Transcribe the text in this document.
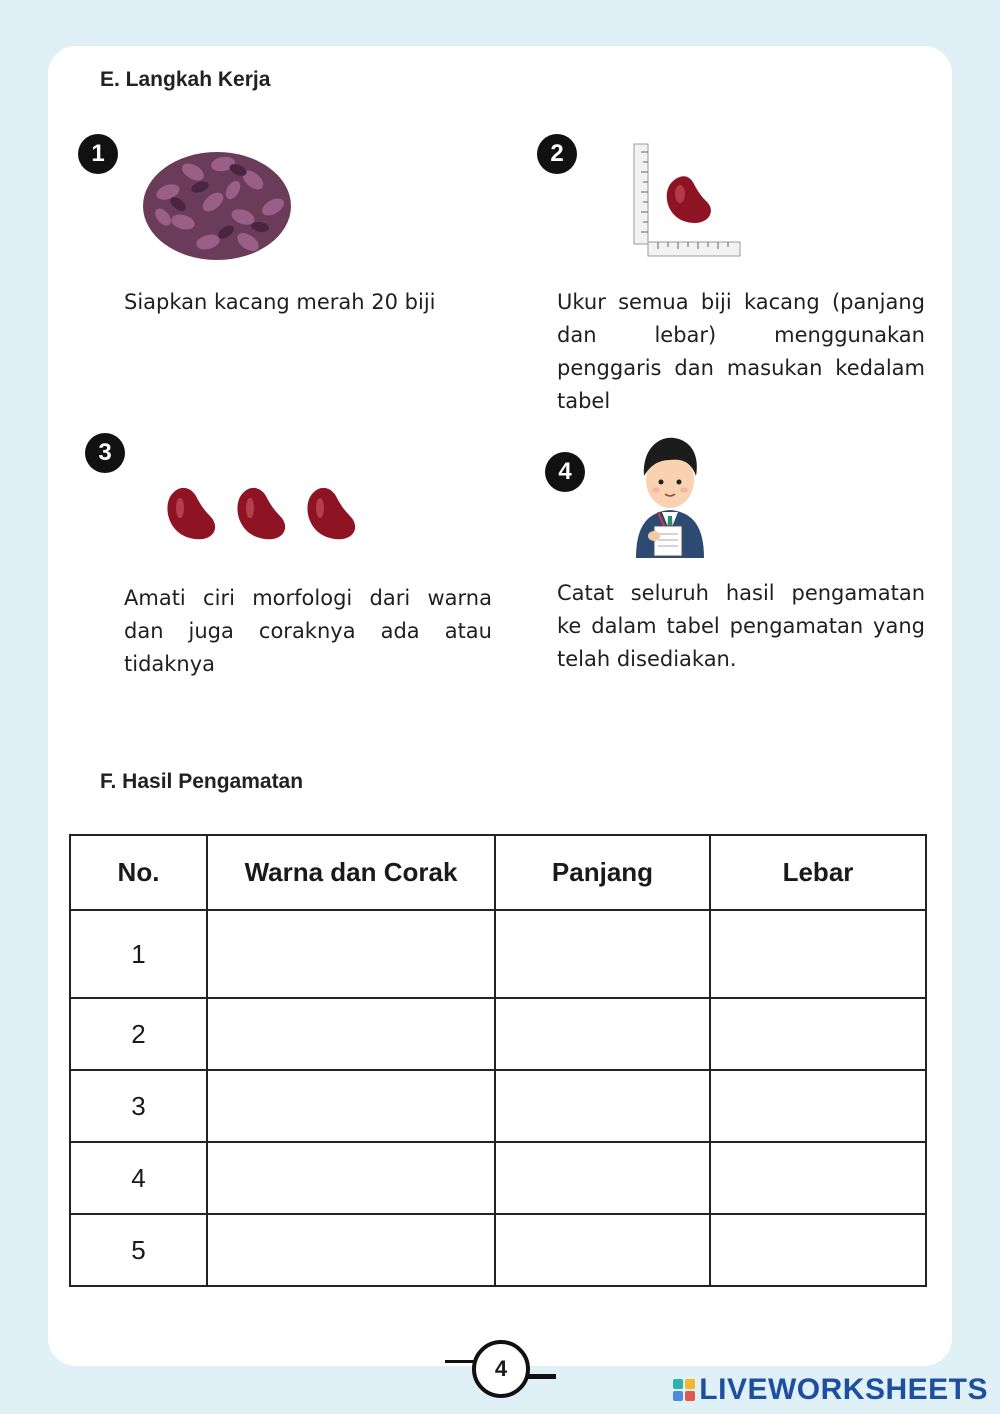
E. Langkah Kerja
1
Siapkan kacang merah 20 biji
2
Ukur semua biji kacang (panjang dan lebar) menggunakan penggaris dan masukan kedalam tabel
3
Amati ciri morfologi dari warna dan juga coraknya ada atau tidaknya
4
Catat seluruh hasil pengamatan ke dalam tabel pengamatan yang telah disediakan.
F. Hasil Pengamatan
No.	Warna dan Corak	Panjang	Lebar
1			
2			
3			
4			
5			
4
LIVEWORKSHEETS
